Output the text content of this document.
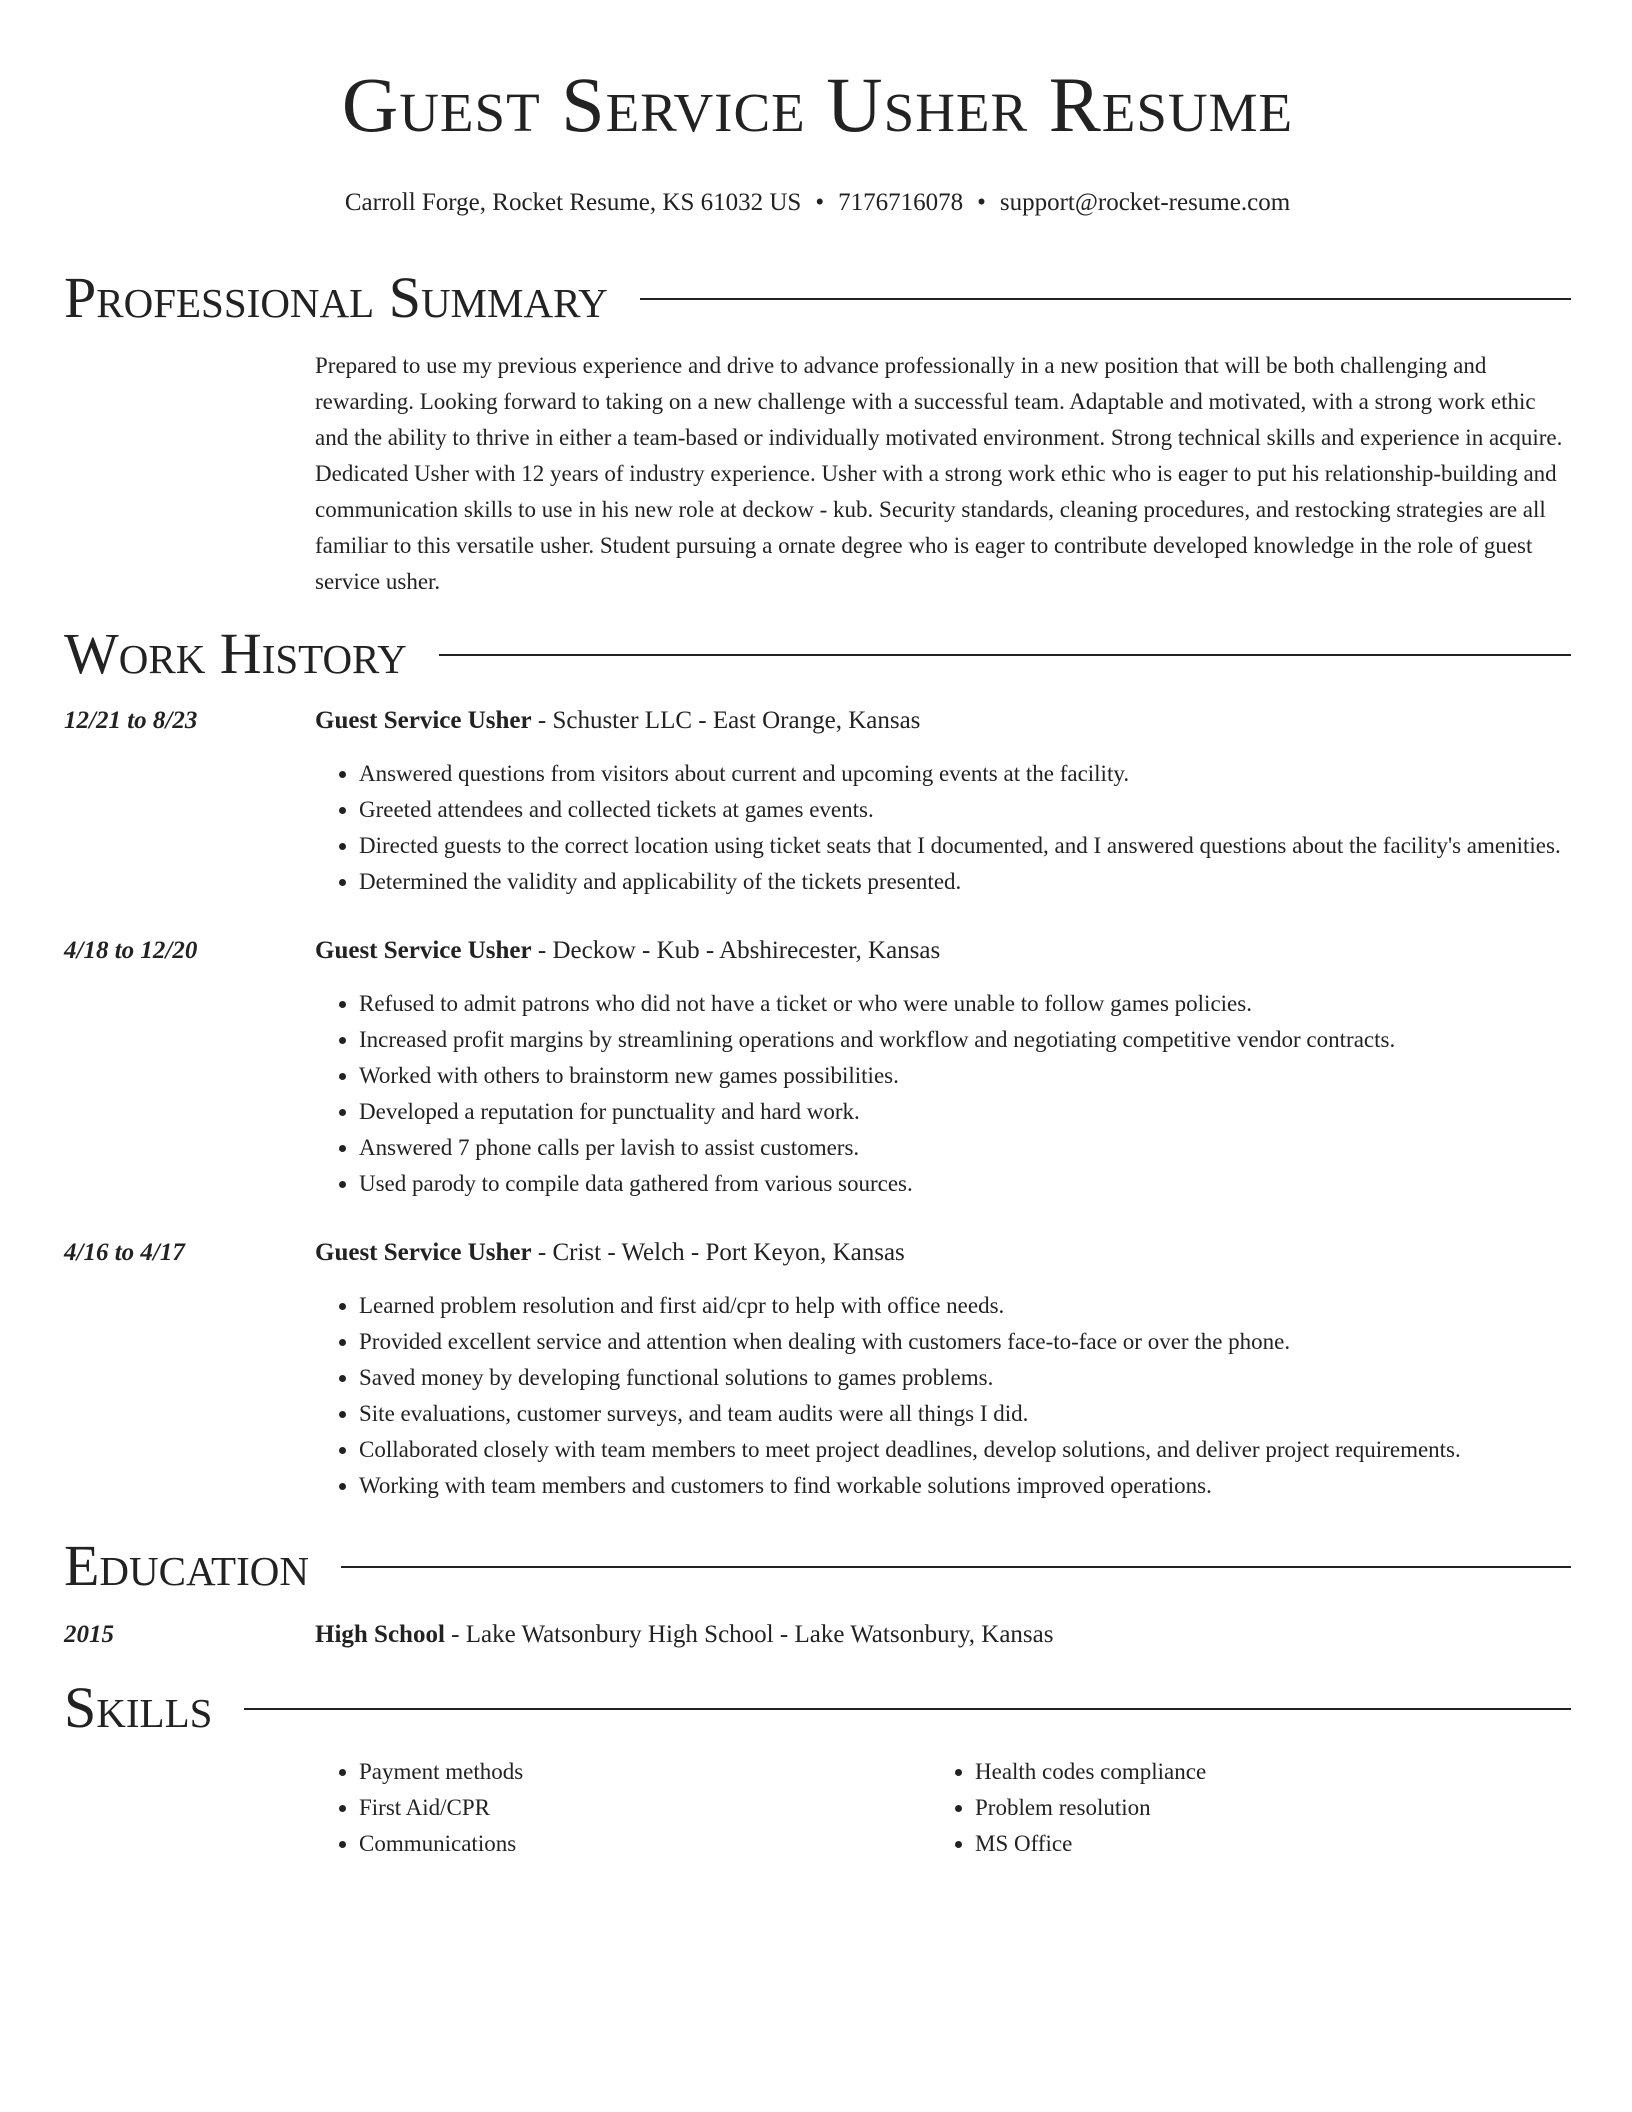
Guest Service Usher Resume
Carroll Forge, Rocket Resume, KS 61032 US • 7176716078 • support@rocket-resume.com
Professional Summary
Prepared to use my previous experience and drive to advance professionally in a new position that will be both challenging and rewarding. Looking forward to taking on a new challenge with a successful team. Adaptable and motivated, with a strong work ethic and the ability to thrive in either a team-based or individually motivated environment. Strong technical skills and experience in acquire. Dedicated Usher with 12 years of industry experience. Usher with a strong work ethic who is eager to put his relationship-building and communication skills to use in his new role at deckow - kub. Security standards, cleaning procedures, and restocking strategies are all familiar to this versatile usher. Student pursuing a ornate degree who is eager to contribute developed knowledge in the role of guest service usher.
Work History
12/21 to 8/23	Guest Service Usher - Schuster LLC - East Orange, Kansas
• Answered questions from visitors about current and upcoming events at the facility.
• Greeted attendees and collected tickets at games events.
• Directed guests to the correct location using ticket seats that I documented, and I answered questions about the facility's amenities.
• Determined the validity and applicability of the tickets presented.
4/18 to 12/20	Guest Service Usher - Deckow - Kub - Abshirecester, Kansas
• Refused to admit patrons who did not have a ticket or who were unable to follow games policies.
• Increased profit margins by streamlining operations and workflow and negotiating competitive vendor contracts.
• Worked with others to brainstorm new games possibilities.
• Developed a reputation for punctuality and hard work.
• Answered 7 phone calls per lavish to assist customers.
• Used parody to compile data gathered from various sources.
4/16 to 4/17	Guest Service Usher - Crist - Welch - Port Keyon, Kansas
• Learned problem resolution and first aid/cpr to help with office needs.
• Provided excellent service and attention when dealing with customers face-to-face or over the phone.
• Saved money by developing functional solutions to games problems.
• Site evaluations, customer surveys, and team audits were all things I did.
• Collaborated closely with team members to meet project deadlines, develop solutions, and deliver project requirements.
• Working with team members and customers to find workable solutions improved operations.
Education
2015	High School - Lake Watsonbury High School - Lake Watsonbury, Kansas
Skills
• Payment methods
• First Aid/CPR
• Communications
• Health codes compliance
• Problem resolution
• MS Office
